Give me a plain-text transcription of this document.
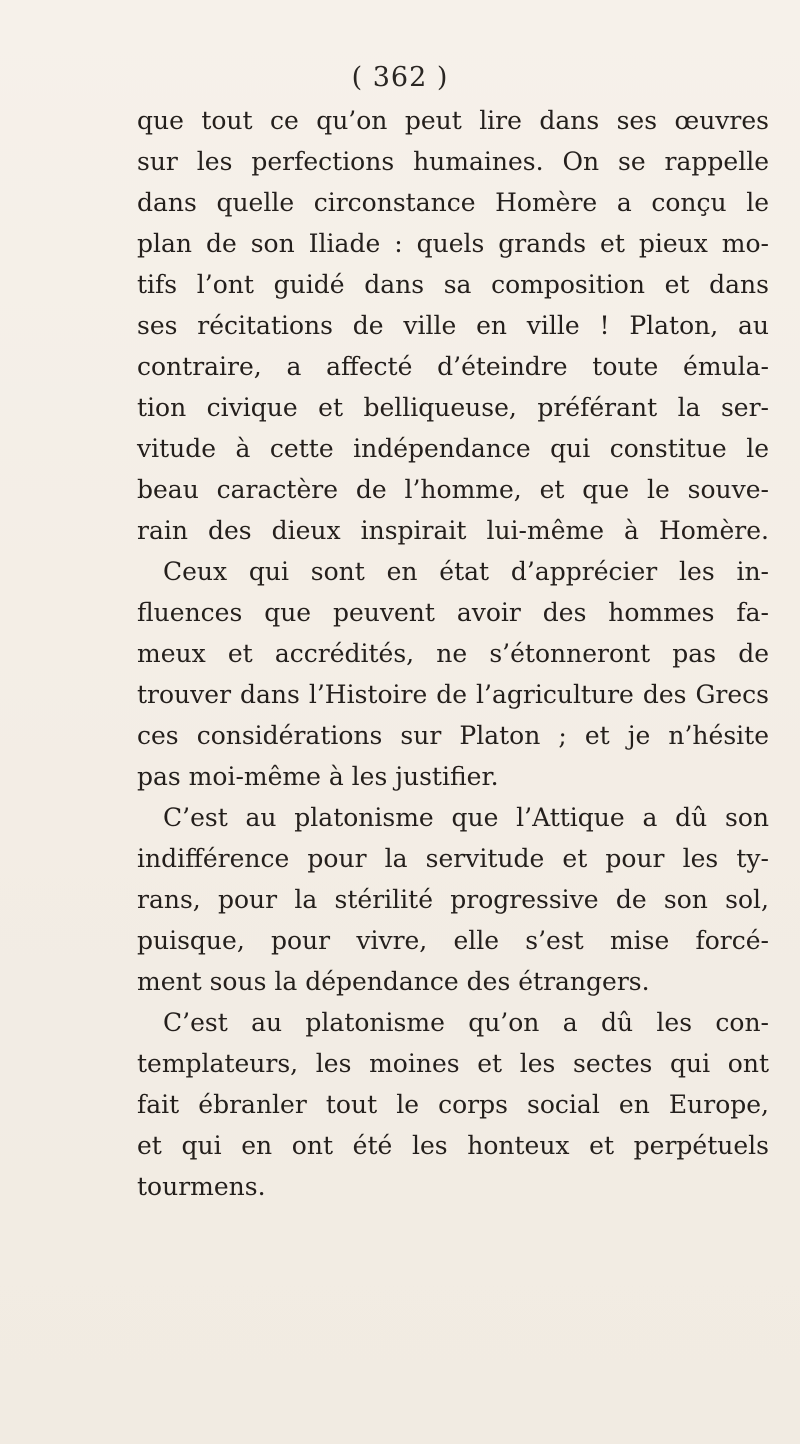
( 362 )
que tout ce qu’on peut lire dans ses œuvres
sur les perfections humaines. On se rappelle
dans quelle circonstance Homère a conçu le
plan de son Iliade : quels grands et pieux mo-
tifs l’ont guidé dans sa composition et dans
ses récitations de ville en ville ! Platon, au
contraire, a affecté d’éteindre toute émula-
tion civique et belliqueuse, préférant la ser-
vitude à cette indépendance qui constitue le
beau caractère de l’homme, et que le souve-
rain des dieux inspirait lui-même à Homère.
Ceux qui sont en état d’apprécier les in-
fluences que peuvent avoir des hommes fa-
meux et accrédités, ne s’étonneront pas de
trouver dans l’Histoire de l’agriculture des Grecs
ces considérations sur Platon ; et je n’hésite
pas moi-même à les justifier.
C’est au platonisme que l’Attique a dû son
indifférence pour la servitude et pour les ty-
rans, pour la stérilité progressive de son sol,
puisque, pour vivre, elle s’est mise forcé-
ment sous la dépendance des étrangers.
C’est au platonisme qu’on a dû les con-
templateurs, les moines et les sectes qui ont
fait ébranler tout le corps social en Europe,
et qui en ont été les honteux et perpétuels
tourmens.
